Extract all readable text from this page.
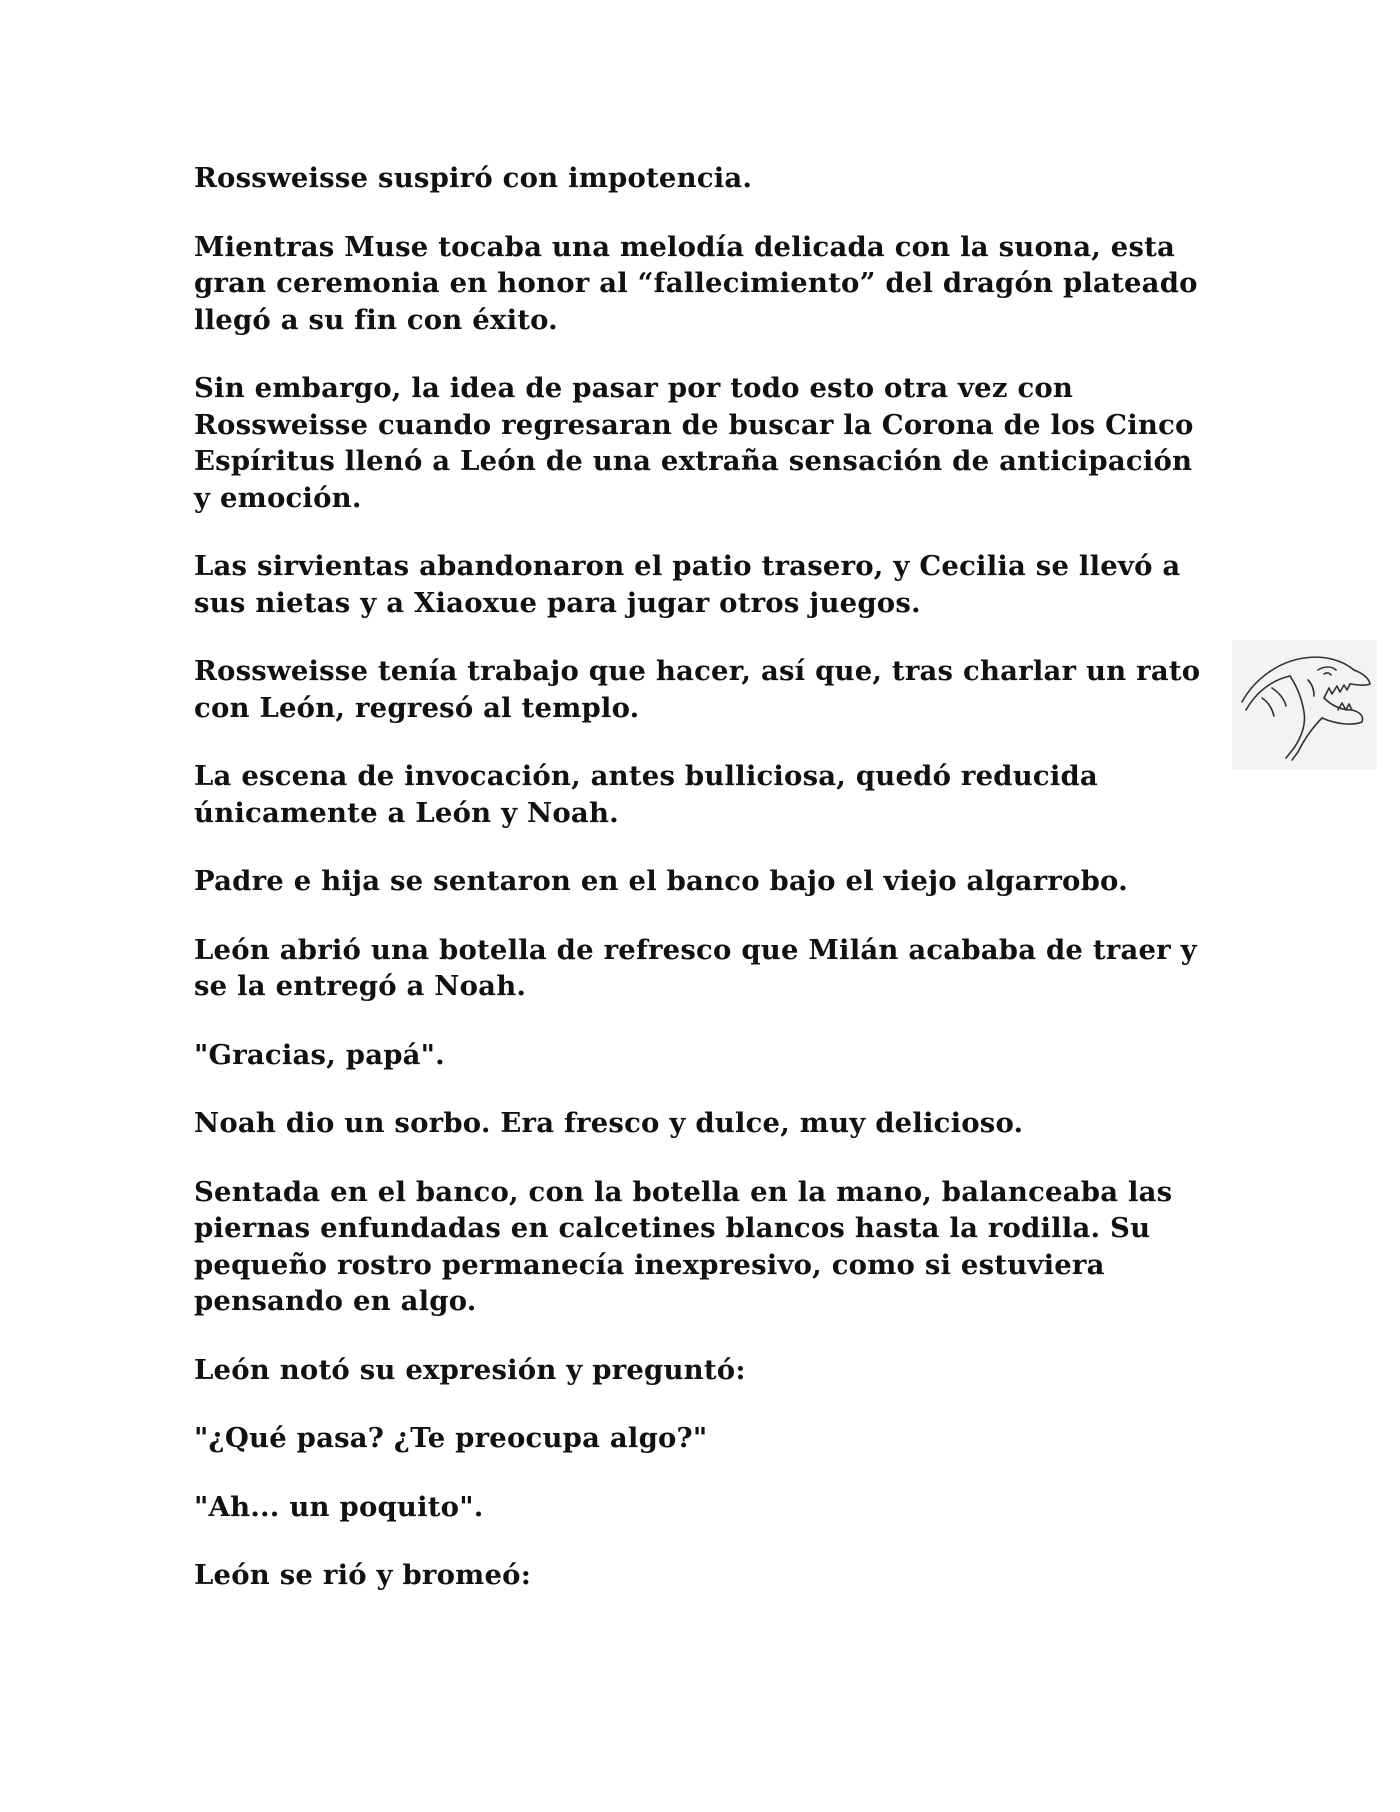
Rossweisse suspiró con impotencia.

Mientras Muse tocaba una melodía delicada con la suona, esta gran ceremonia en honor al “fallecimiento” del dragón plateado llegó a su fin con éxito.

Sin embargo, la idea de pasar por todo esto otra vez con Rossweisse cuando regresaran de buscar la Corona de los Cinco Espíritus llenó a León de una extraña sensación de anticipación y emoción.

Las sirvientas abandonaron el patio trasero, y Cecilia se llevó a sus nietas y a Xiaoxue para jugar otros juegos.

Rossweisse tenía trabajo que hacer, así que, tras charlar un rato con León, regresó al templo.

La escena de invocación, antes bulliciosa, quedó reducida únicamente a León y Noah.

Padre e hija se sentaron en el banco bajo el viejo algarrobo.

León abrió una botella de refresco que Milán acababa de traer y se la entregó a Noah.

"Gracias, papá".

Noah dio un sorbo. Era fresco y dulce, muy delicioso.

Sentada en el banco, con la botella en la mano, balanceaba las piernas enfundadas en calcetines blancos hasta la rodilla. Su pequeño rostro permanecía inexpresivo, como si estuviera pensando en algo.

León notó su expresión y preguntó:

"¿Qué pasa? ¿Te preocupa algo?"

"Ah... un poquito".

León se rió y bromeó:
